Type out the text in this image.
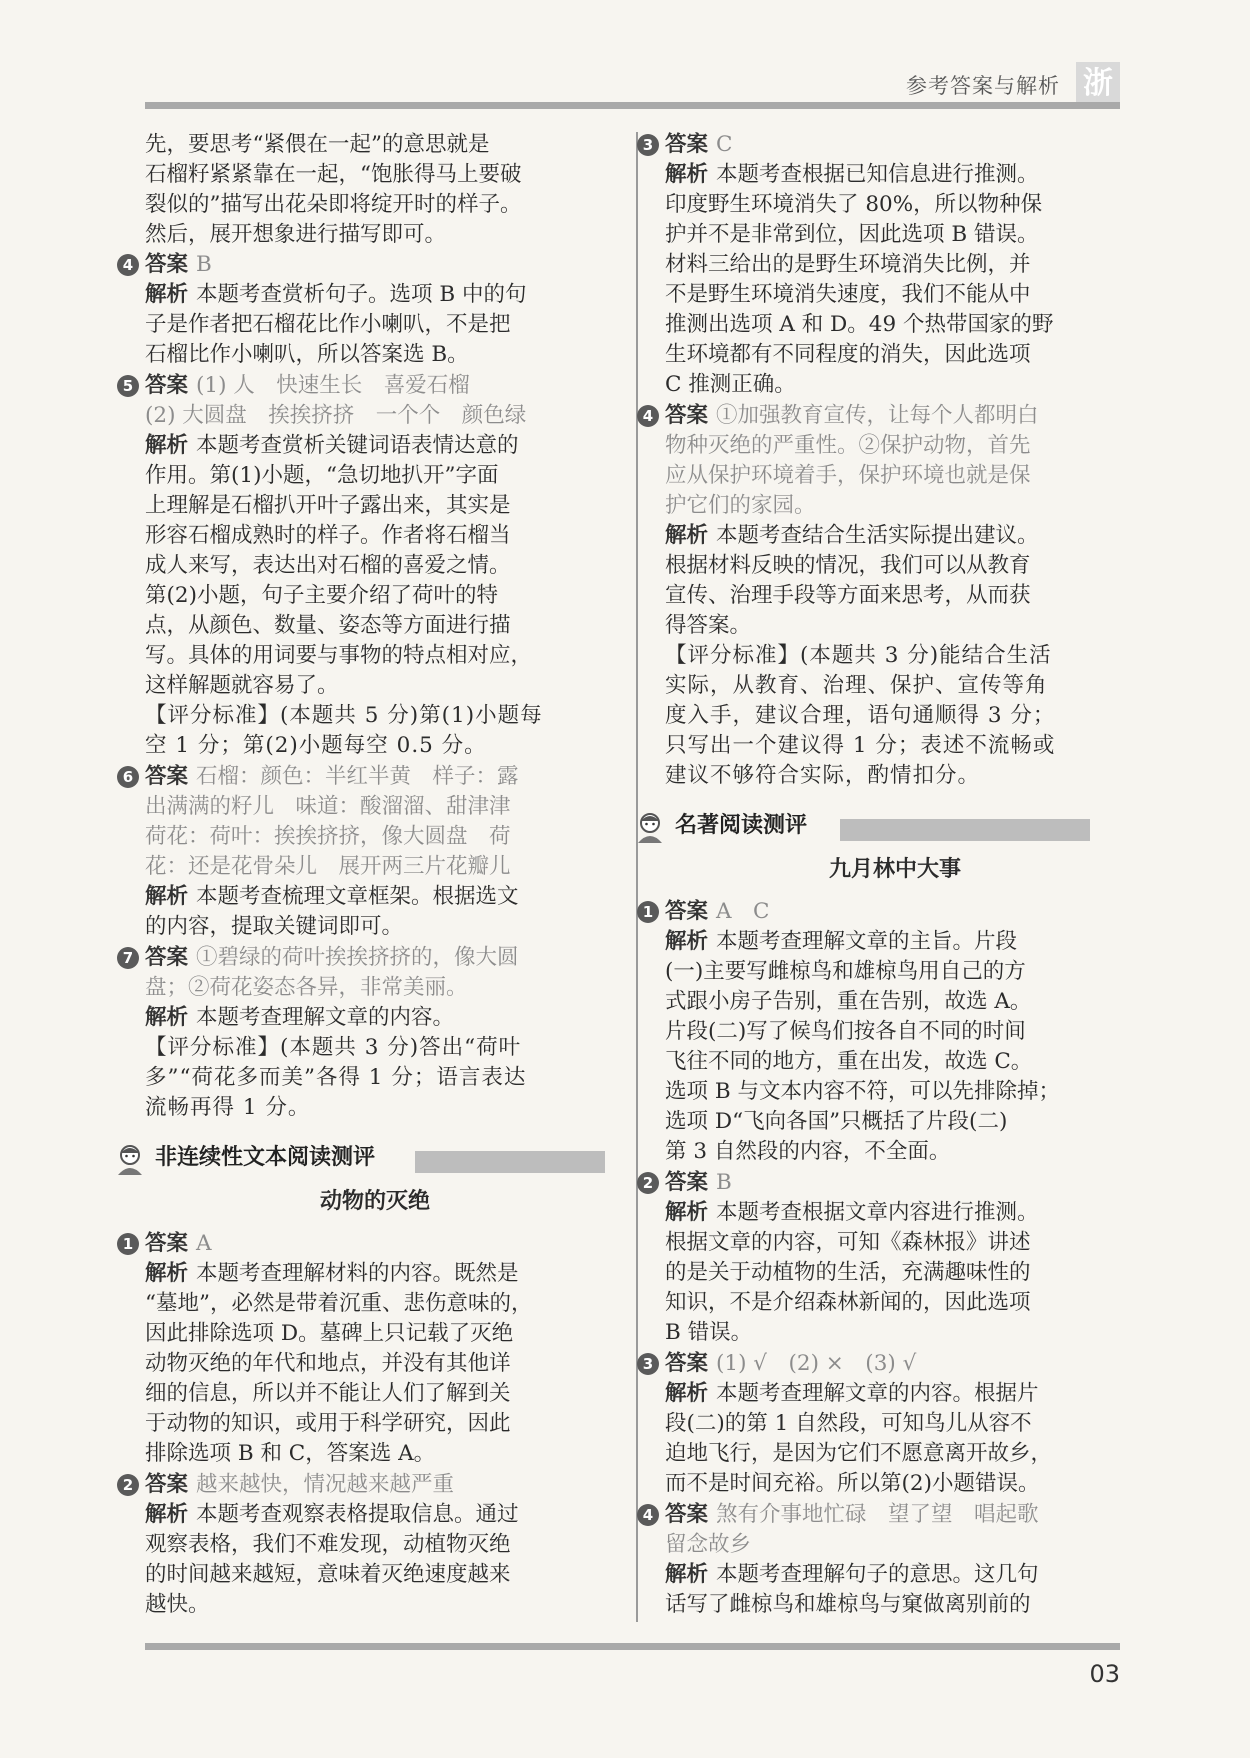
参考答案与解析 浙
先，要思考“紧偎在一起”的意思就是
石榴籽紧紧靠在一起，“饱胀得马上要破
裂似的”描写出花朵即将绽开时的样子。
然后，展开想象进行描写即可。
4 答案 B
解析 本题考查赏析句子。选项 B 中的句
子是作者把石榴花比作小喇叭，不是把
石榴比作小喇叭，所以答案选 B。
5 答案 (1) 人　快速生长　喜爱石榴
(2) 大圆盘　挨挨挤挤　一个个　颜色绿
解析 本题考查赏析关键词语表情达意的
作用。第(1)小题，“急切地扒开”字面
上理解是石榴扒开叶子露出来，其实是
形容石榴成熟时的样子。作者将石榴当
成人来写，表达出对石榴的喜爱之情。
第(2)小题，句子主要介绍了荷叶的特
点，从颜色、数量、姿态等方面进行描
写。具体的用词要与事物的特点相对应，
这样解题就容易了。
【评分标准】(本题共 5 分)第(1)小题每
空 1 分；第(2)小题每空 0.5 分。
6 答案 石榴：颜色：半红半黄　样子：露
出满满的籽儿　味道：酸溜溜、甜津津
荷花：荷叶：挨挨挤挤，像大圆盘　荷
花：还是花骨朵儿　展开两三片花瓣儿
解析 本题考查梳理文章框架。根据选文
的内容，提取关键词即可。
7 答案 ①碧绿的荷叶挨挨挤挤的，像大圆
盘；②荷花姿态各异，非常美丽。
解析 本题考查理解文章的内容。
【评分标准】(本题共 3 分)答出“荷叶
多”“荷花多而美”各得 1 分；语言表达
流畅再得 1 分。
非连续性文本阅读测评
动物的灭绝
1 答案 A
解析 本题考查理解材料的内容。既然是
“墓地”，必然是带着沉重、悲伤意味的，
因此排除选项 D。墓碑上只记载了灭绝
动物灭绝的年代和地点，并没有其他详
细的信息，所以并不能让人们了解到关
于动物的知识，或用于科学研究，因此
排除选项 B 和 C，答案选 A。
2 答案 越来越快，情况越来越严重
解析 本题考查观察表格提取信息。通过
观察表格，我们不难发现，动植物灭绝
的时间越来越短，意味着灭绝速度越来
越快。
3 答案 C
解析 本题考查根据已知信息进行推测。
印度野生环境消失了 80%，所以物种保
护并不是非常到位，因此选项 B 错误。
材料三给出的是野生环境消失比例，并
不是野生环境消失速度，我们不能从中
推测出选项 A 和 D。49 个热带国家的野
生环境都有不同程度的消失，因此选项
C 推测正确。
4 答案 ①加强教育宣传，让每个人都明白
物种灭绝的严重性。②保护动物，首先
应从保护环境着手，保护环境也就是保
护它们的家园。
解析 本题考查结合生活实际提出建议。
根据材料反映的情况，我们可以从教育
宣传、治理手段等方面来思考，从而获
得答案。
【评分标准】(本题共 3 分)能结合生活
实际，从教育、治理、保护、宣传等角
度入手，建议合理，语句通顺得 3 分；
只写出一个建议得 1 分；表述不流畅或
建议不够符合实际，酌情扣分。
名著阅读测评
九月林中大事
1 答案 A　C
解析 本题考查理解文章的主旨。片段
(一)主要写雌椋鸟和雄椋鸟用自己的方
式跟小房子告别，重在告别，故选 A。
片段(二)写了候鸟们按各自不同的时间
飞往不同的地方，重在出发，故选 C。
选项 B 与文本内容不符，可以先排除掉；
选项 D“飞向各国”只概括了片段(二)
第 3 自然段的内容，不全面。
2 答案 B
解析 本题考查根据文章内容进行推测。
根据文章的内容，可知《森林报》讲述
的是关于动植物的生活，充满趣味性的
知识，不是介绍森林新闻的，因此选项
B 错误。
3 答案 (1) √　(2) ×　(3) √
解析 本题考查理解文章的内容。根据片
段(二)的第 1 自然段，可知鸟儿从容不
迫地飞行，是因为它们不愿意离开故乡，
而不是时间充裕。所以第(2)小题错误。
4 答案 煞有介事地忙碌　望了望　唱起歌
留念故乡
解析 本题考查理解句子的意思。这几句
话写了雌椋鸟和雄椋鸟与窠做离别前的
03
